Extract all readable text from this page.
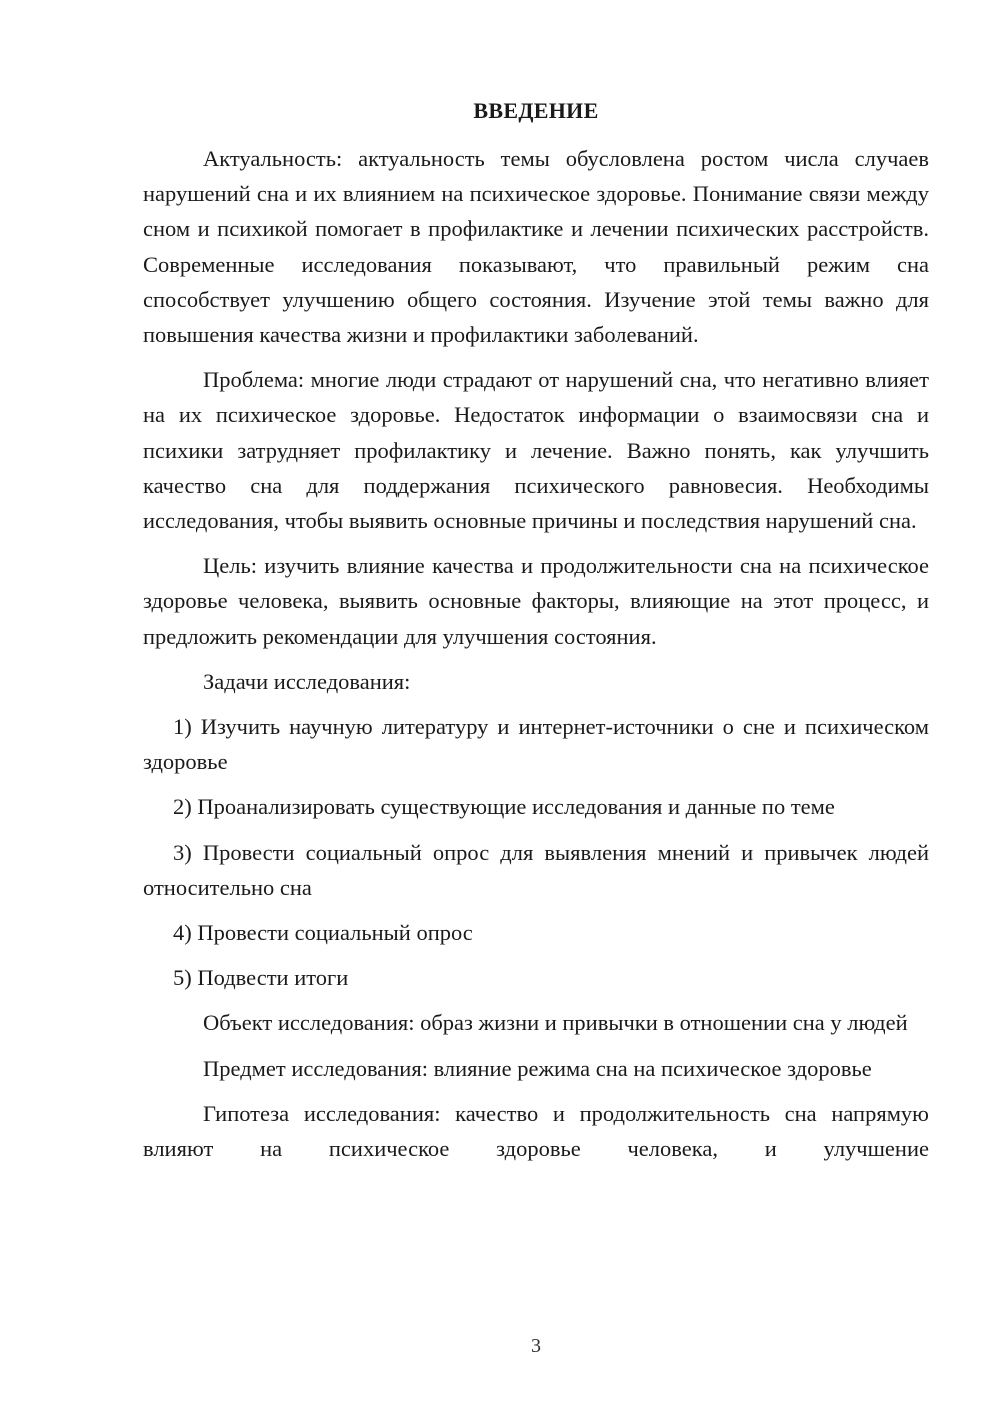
ВВЕДЕНИЕ

Актуальность: актуальность темы обусловлена ростом числа случаев нарушений сна и их влиянием на психическое здоровье. Понимание связи между сном и психикой помогает в профилактике и лечении психических расстройств. Современные исследования показывают, что правильный режим сна способствует улучшению общего состояния. Изучение этой темы важно для повышения качества жизни и профилактики заболеваний.

Проблема: многие люди страдают от нарушений сна, что негативно влияет на их психическое здоровье. Недостаток информации о взаимосвязи сна и психики затрудняет профилактику и лечение. Важно понять, как улучшить качество сна для поддержания психического равновесия. Необходимы исследования, чтобы выявить основные причины и последствия нарушений сна.

Цель: изучить влияние качества и продолжительности сна на психическое здоровье человека, выявить основные факторы, влияющие на этот процесс, и предложить рекомендации для улучшения состояния.

Задачи исследования:

1) Изучить научную литературу и интернет-источники о сне и психическом здоровье

2) Проанализировать существующие исследования и данные по теме

3) Провести социальный опрос для выявления мнений и привычек людей относительно сна

4) Провести социальный опрос

5) Подвести итоги

Объект исследования: образ жизни и привычки в отношении сна у людей

Предмет исследования: влияние режима сна на психическое здоровье

Гипотеза исследования: качество и продолжительность сна напрямую влияют на психическое здоровье человека, и улучшение

3
